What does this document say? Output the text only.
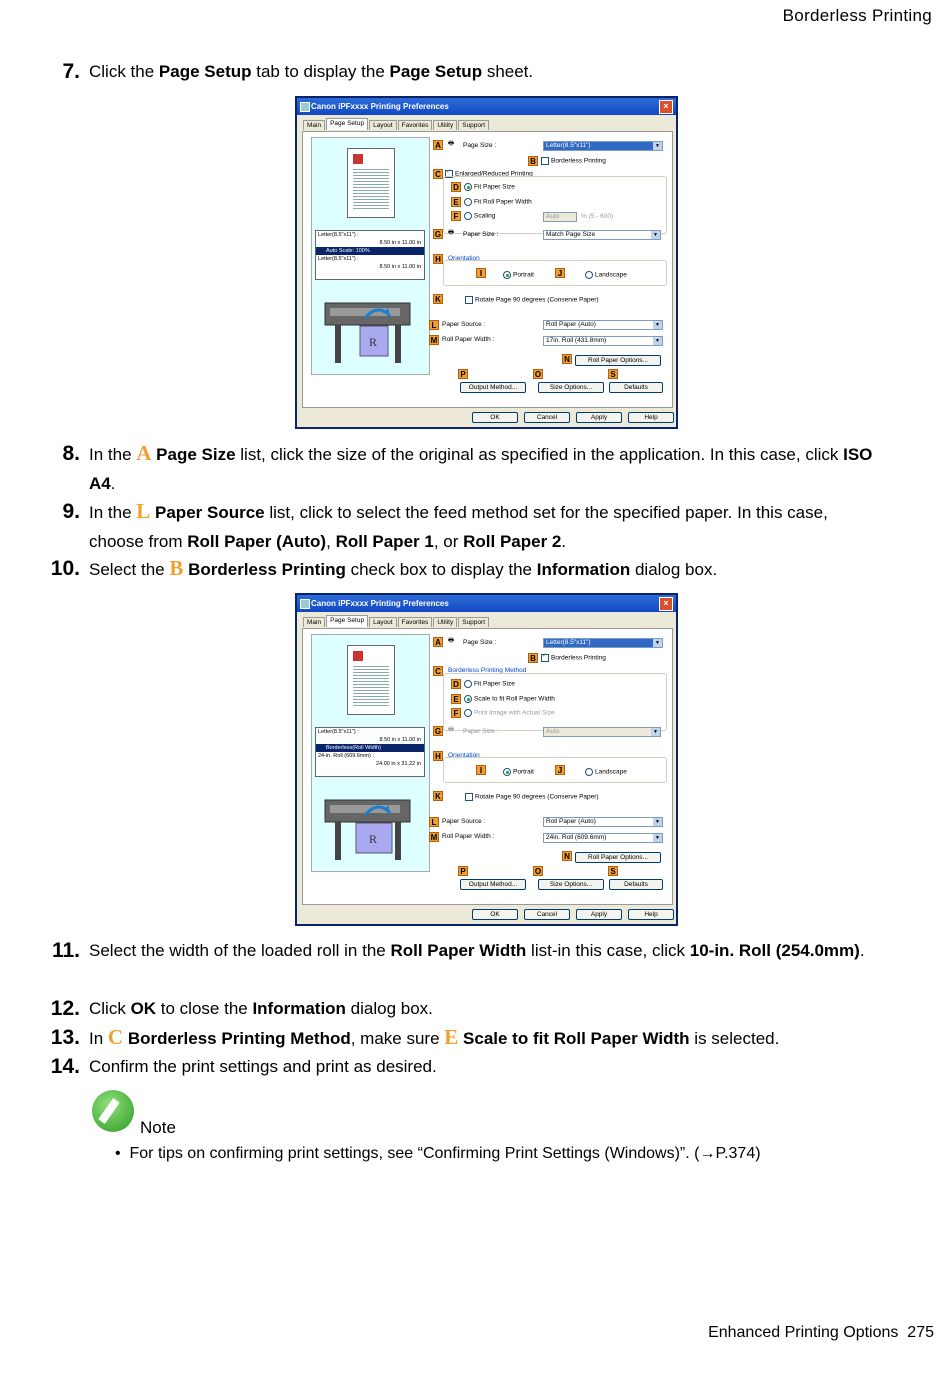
Borderless Printing
7. Click the Page Setup tab to display the Page Setup sheet.
Canon iPFxxxx Printing Preferences	×
Main Page Setup Layout Favorites Utility Support
Letter(8.5"x11") :
8.50 in x 11.00 in
Auto Scale: 100%
Letter(8.5"x11") :
8.50 in x 11.00 in
R
A	🖶 Page Size :	Letter(8.5"x11")	▼
B	Borderless Printing
C ✓	Enlarged/Reduced Printing
D	Fit Paper Size
E	Fit Roll Paper Width
F	Scaling	Auto	% (5 - 600)
G 🖶 Paper Size :	Match Page Size	▼
H	Orientation
I	Portrait	J	Landscape
K	Rotate Page 90 degrees (Conserve Paper)
L Paper Source :	Roll Paper (Auto)	▼
M Roll Paper Width :	17in. Roll (431.8mm)	▼
N	Roll Paper Options...
P	O	S
Output Method...	Size Options...	Defaults
OK	Cancel	Apply	Help
8. In the A Page Size list, click the size of the original as specified in the application. In this case, click ISO A4.
9. In the L Paper Source list, click to select the feed method set for the specified paper. In this case, choose from Roll Paper (Auto), Roll Paper 1, or Roll Paper 2.
10. Select the B Borderless Printing check box to display the Information dialog box.
Canon iPFxxxx Printing Preferences	×
Main Page Setup Layout Favorites Utility Support
Letter(8.5"x11") :
8.50 in x 11.00 in
Borderless(Roll Width)
24-in. Roll (609.6mm) :
24.00 in x 31.22 in
R
A	🖶 Page Size :	Letter(8.5"x11")	▼
B ✓	Borderless Printing
C	Borderless Printing Method
D	Fit Paper Size
E	Scale to fit Roll Paper Width
F	Print Image with Actual Size
G 🖶 Paper Size :	Auto	▼
H	Orientation
I	Portrait	J	Landscape
K	Rotate Page 90 degrees (Conserve Paper)
L Paper Source :	Roll Paper (Auto)	▼
M Roll Paper Width :	24in. Roll (609.6mm)	▼
N	Roll Paper Options...
P	O	S
Output Method...	Size Options...	Defaults
OK	Cancel	Apply	Help
11. Select the width of the loaded roll in the Roll Paper Width list-in this case, click 10-in. Roll (254.0mm).
12. Click OK to close the Information dialog box.
13. In C Borderless Printing Method, make sure E Scale to fit Roll Paper Width is selected.
14. Confirm the print settings and print as desired.
Note
• For tips on confirming print settings, see “Confirming Print Settings (Windows)”. (→P.374)
Enhanced Printing Options 275
